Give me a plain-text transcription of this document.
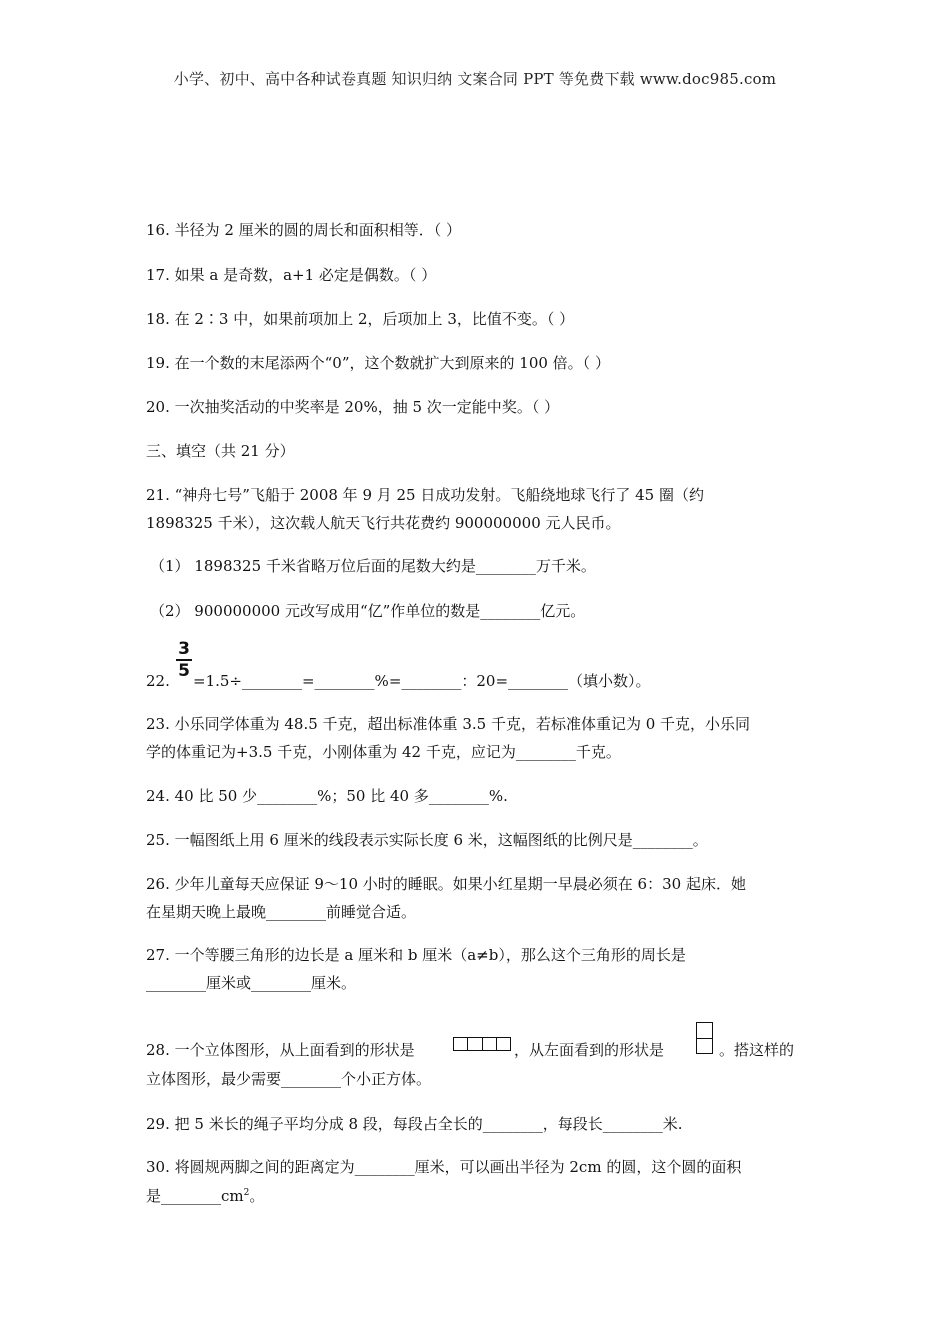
小学、初中、高中各种试卷真题 知识归纳 文案合同 PPT 等免费下载 www.doc985.com
16. 半径为 2 厘米的圆的周长和面积相等．（ ）
17. 如果 a 是奇数，a+1 必定是偶数。（ ）
18. 在 2∶3 中，如果前项加上 2，后项加上 3，比值不变。（ ）
19. 在一个数的末尾添两个“0”，这个数就扩大到原来的 100 倍。（ ）
20. 一次抽奖活动的中奖率是 20%，抽 5 次一定能中奖。（ ）
三、填空（共 21 分）
21. “神舟七号”飞船于 2008 年 9 月 25 日成功发射。飞船绕地球飞行了 45 圈（约
1898325 千米），这次载人航天飞行共花费约 900000000 元人民币。
（1） 1898325 千米省略万位后面的尾数大约是________万千米。
（2） 900000000 元改写成用“亿”作单位的数是________亿元。
22.
3
5 =1.5÷________=________%=________：20=________（填小数）。
23. 小乐同学体重为 48.5 千克，超出标准体重 3.5 千克，若标准体重记为 0 千克，小乐同
学的体重记为+3.5 千克，小刚体重为 42 千克，应记为________千克。
24. 40 比 50 少________%；50 比 40 多________%.
25. 一幅图纸上用 6 厘米的线段表示实际长度 6 米，这幅图纸的比例尺是________。
26. 少年儿童每天应保证 9～10 小时的睡眠。如果小红星期一早晨必须在 6：30 起床．她
在星期天晚上最晚________前睡觉合适。
27. 一个等腰三角形的边长是 a 厘米和 b 厘米（a≠b），那么这个三角形的周长是
________厘米或________厘米。
28. 一个立体图形，从上面看到的形状是	，从左面看到的形状是	。搭这样的
立体图形，最少需要________个小正方体。
29. 把 5 米长的绳子平均分成 8 段，每段占全长的________，每段长________米.
30. 将圆规两脚之间的距离定为________厘米，可以画出半径为 2cm 的圆，这个圆的面积
是$\_\_\_\_\_\_\_\_cm^2$。
